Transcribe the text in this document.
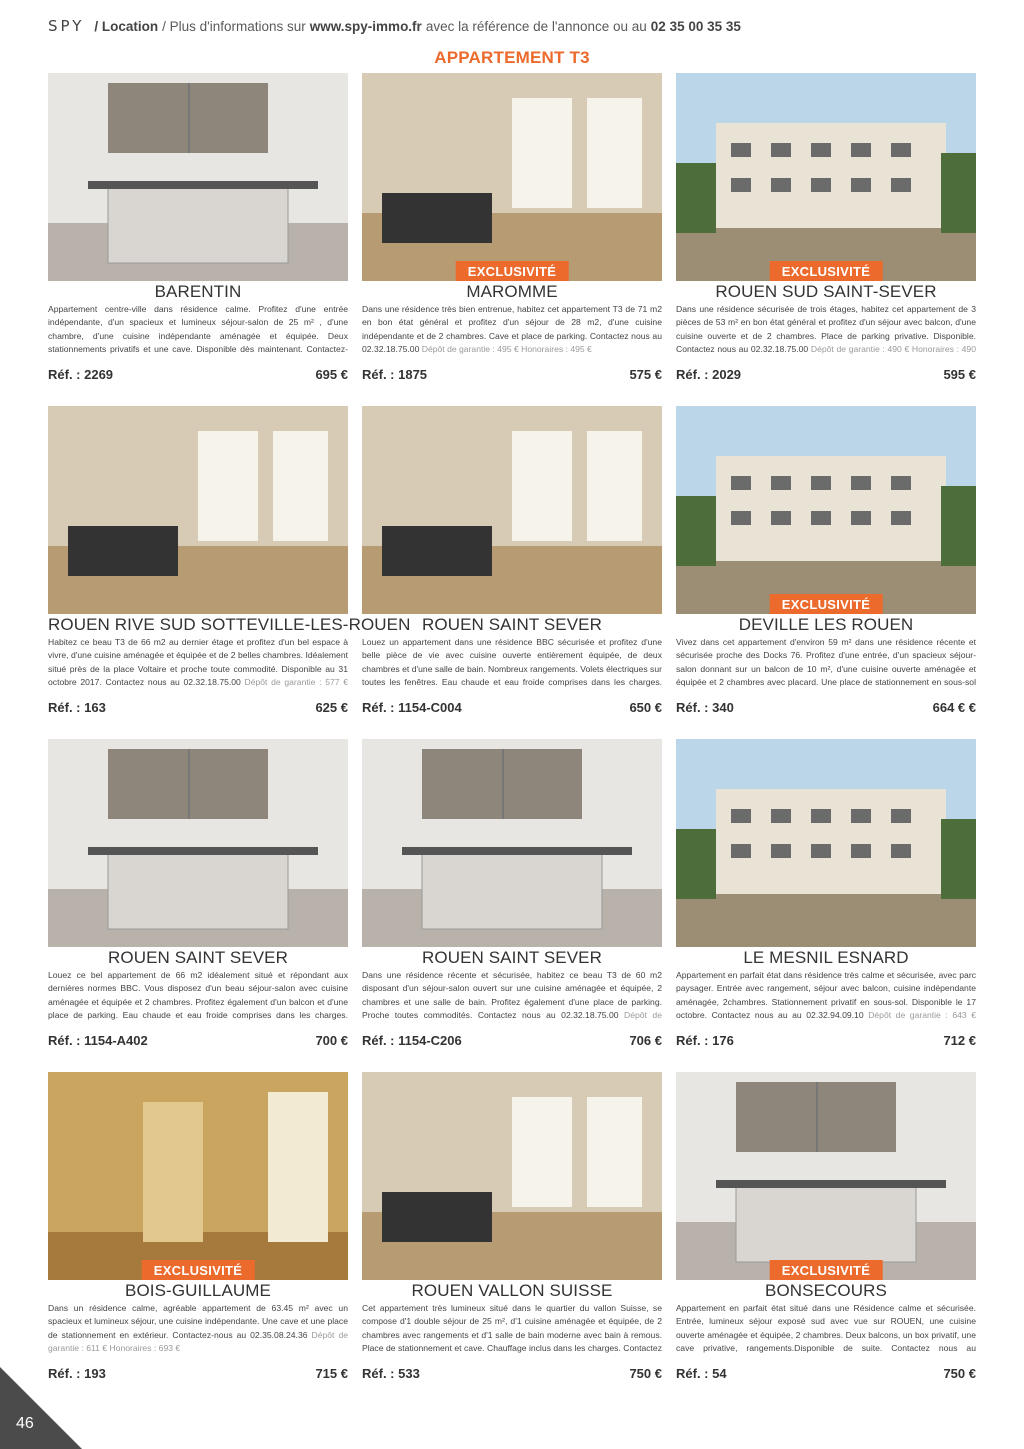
SPY / Location / Plus d'informations sur www.spy-immo.fr avec la référence de l'annonce ou au 02 35 00 35 35
APPARTEMENT T3
BARENTIN
Appartement centre-ville dans résidence calme. Profitez d'une entrée indépendante, d'un spacieux et lumineux séjour-salon de 25 m² , d'une chambre, d'une cuisine indépendante aménagée et équipée. Deux stationnements privatifs et une cave. Disponible dès maintenant. Contactez-
Réf. : 2269	695 €
EXCLUSIVITÉ
MAROMME
Dans une résidence très bien entrenue, habitez cet appartement T3 de 71 m2 en bon état général et profitez d'un séjour de 28 m2, d'une cuisine indépendante et de 2 chambres. Cave et place de parking. Contactez nous au 02.32.18.75.00 Dépôt de garantie : 495 € Honoraires : 495 €
Réf. : 1875	575 €
EXCLUSIVITÉ
ROUEN SUD SAINT-SEVER
Dans une résidence sécurisée de trois étages, habitez cet appartement de 3 pièces de 53 m² en bon état général et profitez d'un séjour avec balcon, d'une cuisine ouverte et de 2 chambres. Place de parking privative. Disponible. Contactez nous au 02.32.18.75.00 Dépôt de garantie : 490 € Honoraires : 490
Réf. : 2029	595 €
ROUEN RIVE SUD SOTTEVILLE-LES-ROUEN
Habitez ce beau T3 de 66 m2 au dernier étage et profitez d'un bel espace à vivre, d'une cuisine aménagée et équipée et de 2 belles chambres. Idéalement situé près de la place Voltaire et proche toute commodité. Disponible au 31 octobre 2017. Contactez nous au 02.32.18.75.00 Dépôt de garantie : 577 €
Réf. : 163	625 €
ROUEN SAINT SEVER
Louez un appartement dans une résidence BBC sécurisée et profitez d'une belle pièce de vie avec cuisine ouverte entièrement équipée, de deux chambres et d'une salle de bain. Nombreux rangements. Volets électriques sur toutes les fenêtres. Eau chaude et eau froide comprises dans les charges.
Réf. : 1154-C004	650 €
EXCLUSIVITÉ
DEVILLE LES ROUEN
Vivez dans cet appartement d'environ 59 m² dans une résidence récente et sécurisée proche des Docks 76. Profitez d'une entrée, d'un spacieux séjour-salon donnant sur un balcon de 10 m², d'une cuisine ouverte aménagée et équipée et 2 chambres avec placard. Une place de stationnement en sous-sol
Réf. : 340	664 € €
ROUEN SAINT SEVER
Louez ce bel appartement de 66 m2 idéalement situé et répondant aux dernières normes BBC. Vous disposez d'un beau séjour-salon avec cuisine aménagée et équipée et 2 chambres. Profitez également d'un balcon et d'une place de parking. Eau chaude et eau froide comprises dans les charges.
Réf. : 1154-A402	700 €
ROUEN SAINT SEVER
Dans une résidence récente et sécurisée, habitez ce beau T3 de 60 m2 disposant d'un séjour-salon ouvert sur une cuisine aménagée et équipée, 2 chambres et une salle de bain. Profitez également d'une place de parking. Proche toutes commodités. Contactez nous au 02.32.18.75.00 Dépôt de
Réf. : 1154-C206	706 €
LE MESNIL ESNARD
Appartement en parfait état dans résidence très calme et sécurisée, avec parc paysager. Entrée avec rangement, séjour avec balcon, cuisine indépendante aménagée, 2chambres. Stationnement privatif en sous-sol. Disponible le 17 octobre. Contactez nous au au 02.32.94.09.10 Dépôt de garantie : 643 €
Réf. : 176	712 €
EXCLUSIVITÉ
BOIS-GUILLAUME
Dans un résidence calme, agréable appartement de 63.45 m² avec un spacieux et lumineux séjour, une cuisine indépendante. Une cave et une place de stationnement en extérieur. Contactez-nous au 02.35.08.24.36 Dépôt de garantie : 611 € Honoraires : 693 €
Réf. : 193	715 €
ROUEN VALLON SUISSE
Cet appartement très lumineux situé dans le quartier du vallon Suisse, se compose d'1 double séjour de 25 m², d'1 cuisine aménagée et équipée, de 2 chambres avec rangements et d'1 salle de bain moderne avec bain à remous. Place de stationnement et cave. Chauffage inclus dans les charges. Contactez
Réf. : 533	750 €
EXCLUSIVITÉ
BONSECOURS
Appartement en parfait état situé dans une Résidence calme et sécurisée. Entrée, lumineux séjour exposé sud avec vue sur ROUEN, une cuisine ouverte aménagée et équipée, 2 chambres. Deux balcons, un box privatif, une cave privative, rangements.Disponible de suite. Contactez nous au
Réf. : 54	750 €
46
